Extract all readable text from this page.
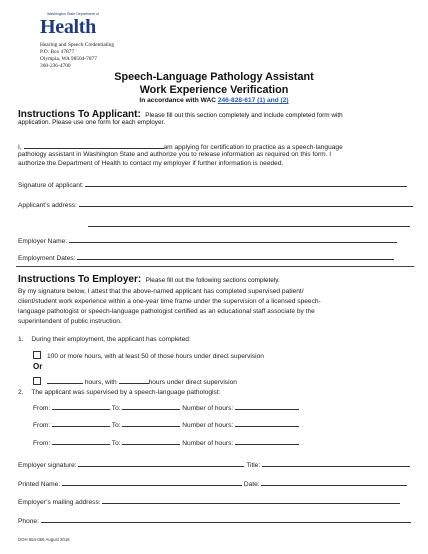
Washington State Department of
Health
Hearing and Speech Credentialing
P.O. Box 47877
Olympia, WA 98504-7877
360-236-4700
Speech-Language Pathology Assistant
Work Experience Verification
In accordance with WAC 246-828-617 (1) and (2)
Instructions To Applicant: Please fill out this section completely and include completed form with
application. Please use one form for each employer.
I,	am applying for certification to practice as a speech-language
pathology assistant in Washington State and authorize you to release information as required on this form. I
authorize the Department of Health to contact my employer if further information is needed.
Signature of applicant:
Applicant’s address:
Employer Name:
Employment Dates:
Instructions To Employer: Please fill out the following sections completely.
By my signature below, I attest that the above-named applicant has completed supervised patient/
client/student work experience within a one-year time frame under the supervision of a licensed speech-
language pathologist or speech-language pathologist certified as an educational staff associate by the
superintendent of public instruction.
1. During their employment, the applicant has completed:
100 or more hours, with at least 50 of those hours under direct supervision
Or
hours, with	hours under direct supervision
2. The applicant was supervised by a speech-language pathologist:
From:	To:	Number of hours:
From:	To:	Number of hours:
From:	To:	Number of hours:
Employer signature:	Title:
Printed Name:	Date:
Employer’s mailing address:
Phone:
DOH 654-066 August 2016
